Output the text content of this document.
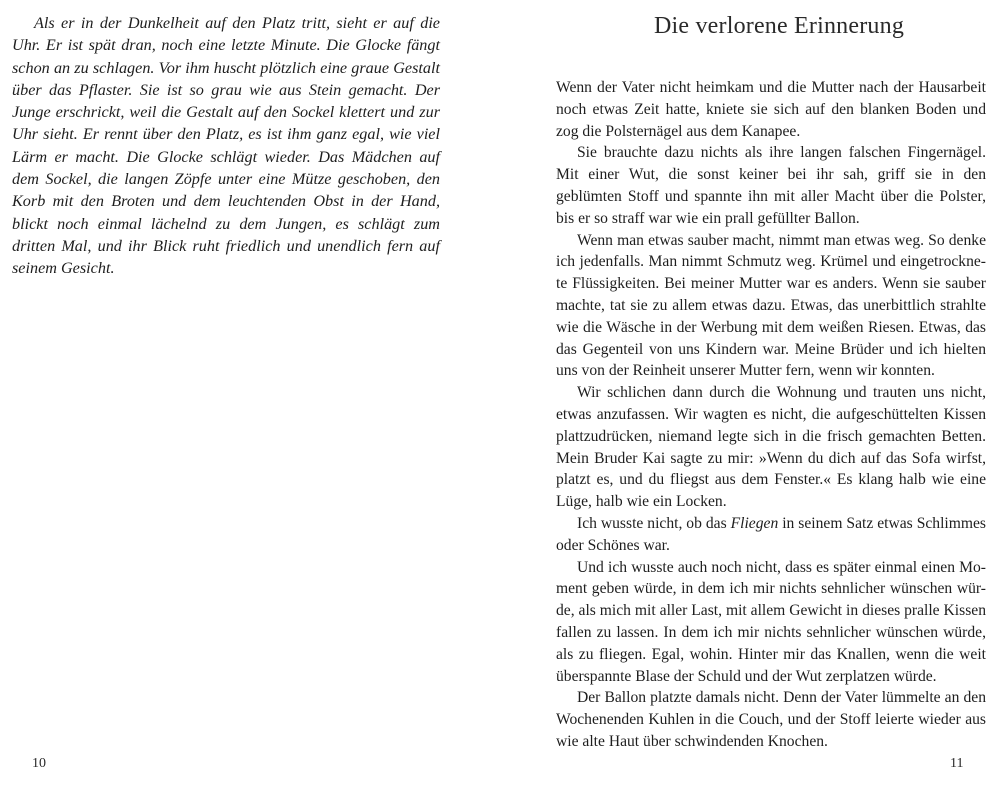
Als er in der Dunkelheit auf den Platz tritt, sieht er auf die Uhr. Er ist spät dran, noch eine letzte Minute. Die Glocke fängt schon an zu schlagen. Vor ihm huscht plötzlich eine graue Gestalt über das Pflaster. Sie ist so grau wie aus Stein gemacht. Der Junge erschrickt, weil die Gestalt auf den Sockel klettert und zur Uhr sieht. Er rennt über den Platz, es ist ihm ganz egal, wie viel Lärm er macht. Die Glocke schlägt wieder. Das Mädchen auf dem Sockel, die langen Zöpfe unter eine Mütze geschoben, den Korb mit den Broten und dem leuchtenden Obst in der Hand, blickt noch einmal lächelnd zu dem Jungen, es schlägt zum dritten Mal, und ihr Blick ruht friedlich und unendlich fern auf seinem Gesicht.

10
Die verlorene Erinnerung

Wenn der Vater nicht heimkam und die Mutter nach der Hausarbeit noch etwas Zeit hatte, kniete sie sich auf den blanken Boden und zog die Polsternägel aus dem Kanapee.

Sie brauchte dazu nichts als ihre langen falschen Fingernägel. Mit einer Wut, die sonst keiner bei ihr sah, griff sie in den geblümten Stoff und spannte ihn mit aller Macht über die Polster, bis er so straff war wie ein prall gefüllter Ballon.

Wenn man etwas sauber macht, nimmt man etwas weg. So denke ich jedenfalls. Man nimmt Schmutz weg. Krümel und eingetrockne-te Flüssigkeiten. Bei meiner Mutter war es anders. Wenn sie sauber machte, tat sie zu allem etwas dazu. Etwas, das unerbittlich strahlte wie die Wäsche in der Werbung mit dem weißen Riesen. Etwas, das das Gegenteil von uns Kindern war. Meine Brüder und ich hielten uns von der Reinheit unserer Mutter fern, wenn wir konnten.

Wir schlichen dann durch die Wohnung und trauten uns nicht, etwas anzufassen. Wir wagten es nicht, die aufgeschüttelten Kissen plattzudrücken, niemand legte sich in die frisch gemachten Betten. Mein Bruder Kai sagte zu mir: »Wenn du dich auf das Sofa wirfst, platzt es, und du fliegst aus dem Fenster.« Es klang halb wie eine Lüge, halb wie ein Locken.

Ich wusste nicht, ob das Fliegen in seinem Satz etwas Schlimmes oder Schönes war.

Und ich wusste auch noch nicht, dass es später einmal einen Mo-ment geben würde, in dem ich mir nichts sehnlicher wünschen wür-de, als mich mit aller Last, mit allem Gewicht in dieses pralle Kissen fallen zu lassen. In dem ich mir nichts sehnlicher wünschen würde, als zu fliegen. Egal, wohin. Hinter mir das Knallen, wenn die weit überspannte Blase der Schuld und der Wut zerplatzen würde.

Der Ballon platzte damals nicht. Denn der Vater lümmelte an den Wochenenden Kuhlen in die Couch, und der Stoff leierte wieder aus wie alte Haut über schwindenden Knochen.

11
